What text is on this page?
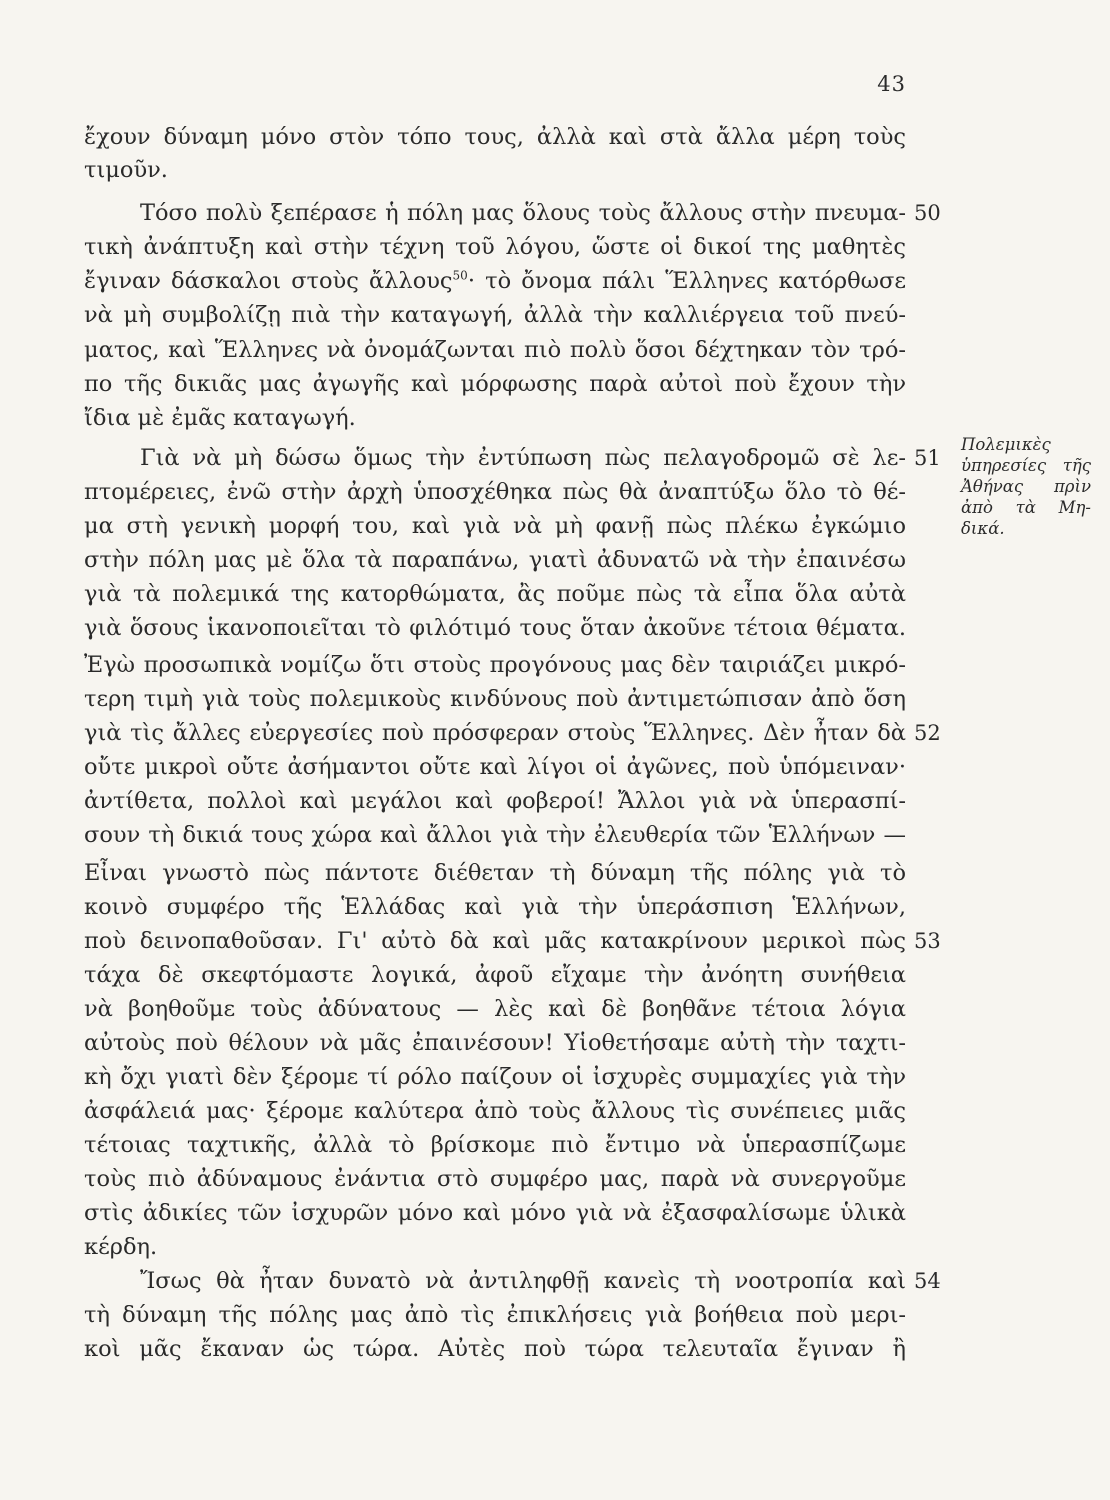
43
ἔχουν δύναμη μόνο στὸν τόπο τους, ἀλλὰ καὶ στὰ ἄλλα μέρη τοὺς
τιμοῦν.
Τόσο πολὺ ξεπέρασε ἡ πόλη μας ὅλους τοὺς ἄλλους στὴν πνευμα-
τικὴ ἀνάπτυξη καὶ στὴν τέχνη τοῦ λόγου, ὥστε οἱ δικοί της μαθητὲς
ἔγιναν δάσκαλοι στοὺς ἄλλους$^{50}$· τὸ ὄνομα πάλι Ἕλληνες κατόρθωσε
νὰ μὴ συμβολίζῃ πιὰ τὴν καταγωγή, ἀλλὰ τὴν καλλιέργεια τοῦ πνεύ-
ματος, καὶ Ἕλληνες νὰ ὀνομάζωνται πιὸ πολὺ ὅσοι δέχτηκαν τὸν τρό-
πο τῆς δικιᾶς μας ἀγωγῆς καὶ μόρφωσης παρὰ αὐτοὶ ποὺ ἔχουν τὴν
ἴδια μὲ ἐμᾶς καταγωγή.
Γιὰ νὰ μὴ δώσω ὅμως τὴν ἐντύπωση πὼς πελαγοδρομῶ σὲ λε-
πτομέρειες, ἐνῶ στὴν ἀρχὴ ὑποσχέθηκα πὼς θὰ ἀναπτύξω ὅλο τὸ θέ-
μα στὴ γενικὴ μορφή του, καὶ γιὰ νὰ μὴ φανῇ πὼς πλέκω ἐγκώμιο
στὴν πόλη μας μὲ ὅλα τὰ παραπάνω, γιατὶ ἀδυνατῶ νὰ τὴν ἐπαινέσω
γιὰ τὰ πολεμικά της κατορθώματα, ἂς ποῦμε πὼς τὰ εἶπα ὅλα αὐτὰ
γιὰ ὅσους ἱκανοποιεῖται τὸ φιλότιμό τους ὅταν ἀκοῦνε τέτοια θέματα.
Ἐγὼ προσωπικὰ νομίζω ὅτι στοὺς προγόνους μας δὲν ταιριάζει μικρό-
τερη τιμὴ γιὰ τοὺς πολεμικοὺς κινδύνους ποὺ ἀντιμετώπισαν ἀπὸ ὅση
γιὰ τὶς ἄλλες εὐεργεσίες ποὺ πρόσφεραν στοὺς Ἕλληνες. Δὲν ἦταν δὰ
οὔτε μικροὶ οὔτε ἀσήμαντοι οὔτε καὶ λίγοι οἱ ἀγῶνες, ποὺ ὑπόμειναν·
ἀντίθετα, πολλοὶ καὶ μεγάλοι καὶ φοβεροί! Ἄλλοι γιὰ νὰ ὑπερασπί-
σουν τὴ δικιά τους χώρα καὶ ἄλλοι γιὰ τὴν ἐλευθερία τῶν Ἑλλήνων —
Εἶναι γνωστὸ πὼς πάντοτε διέθεταν τὴ δύναμη τῆς πόλης γιὰ τὸ
κοινὸ συμφέρο τῆς Ἑλλάδας καὶ γιὰ τὴν ὑπεράσπιση Ἑλλήνων,
ποὺ δεινοπαθοῦσαν. Γι' αὐτὸ δὰ καὶ μᾶς κατακρίνουν μερικοὶ πὼς
τάχα δὲ σκεφτόμαστε λογικά, ἀφοῦ εἴχαμε τὴν ἀνόητη συνήθεια
νὰ βοηθοῦμε τοὺς ἀδύνατους — λὲς καὶ δὲ βοηθᾶνε τέτοια λόγια
αὐτοὺς ποὺ θέλουν νὰ μᾶς ἐπαινέσουν! Υἱοθετήσαμε αὐτὴ τὴν ταχτι-
κὴ ὄχι γιατὶ δὲν ξέρομε τί ρόλο παίζουν οἱ ἰσχυρὲς συμμαχίες γιὰ τὴν
ἀσφάλειά μας· ξέρομε καλύτερα ἀπὸ τοὺς ἄλλους τὶς συνέπειες μιᾶς
τέτοιας ταχτικῆς, ἀλλὰ τὸ βρίσκομε πιὸ ἔντιμο νὰ ὑπερασπίζωμε
τοὺς πιὸ ἀδύναμους ἐνάντια στὸ συμφέρο μας, παρὰ νὰ συνεργοῦμε
στὶς ἀδικίες τῶν ἰσχυρῶν μόνο καὶ μόνο γιὰ νὰ ἐξασφαλίσωμε ὑλικὰ
κέρδη.
Ἴσως θὰ ἦταν δυνατὸ νὰ ἀντιληφθῇ κανεὶς τὴ νοοτροπία καὶ
τὴ δύναμη τῆς πόλης μας ἀπὸ τὶς ἐπικλήσεις γιὰ βοήθεια ποὺ μερι-
κοὶ μᾶς ἔκαναν ὡς τώρα. Αὐτὲς ποὺ τώρα τελευταῖα ἔγιναν ἢ
50
51
52
53
54
Πολεμικὲς
ὑπηρεσίες τῆς
Ἀθήνας πρὶν
ἀπὸ τὰ Μη-
δικά.
